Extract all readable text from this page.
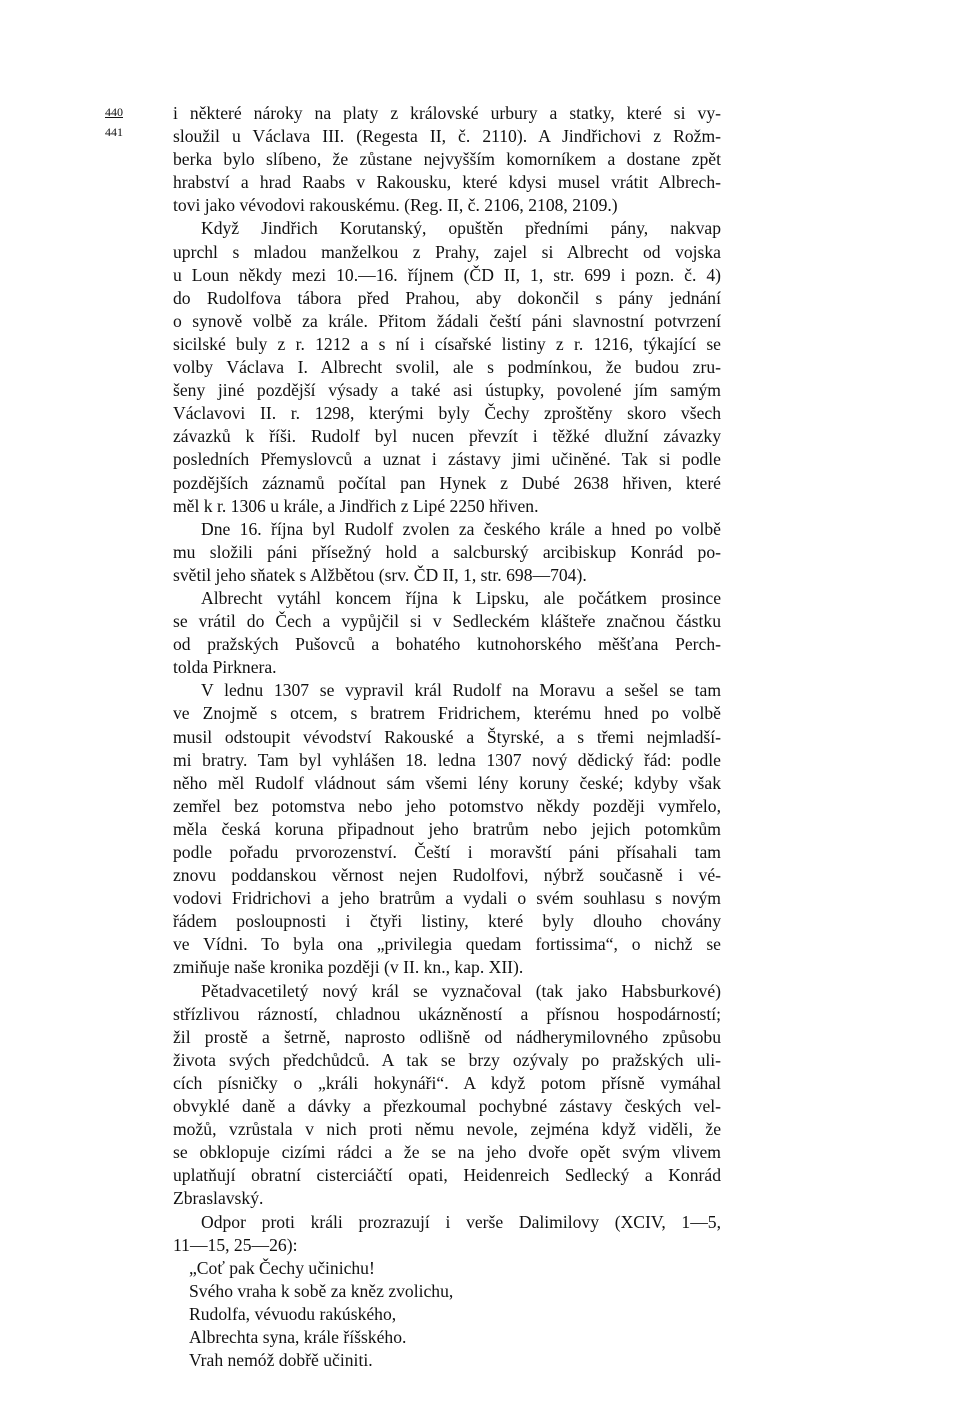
440
441
i některé nároky na platy z královské urbury a statky, které si vy-
sloužil u Václava III. (Regesta II, č. 2110). A Jindřichovi z Rožm-
berka bylo slíbeno, že zůstane nejvyšším komorníkem a dostane zpět
hrabství a hrad Raabs v Rakousku, které kdysi musel vrátit Albrech-
tovi jako vévodovi rakouskému. (Reg. II, č. 2106, 2108, 2109.)
Když Jindřich Korutanský, opuštěn předními pány, nakvap
uprchl s mladou manželkou z Prahy, zajel si Albrecht od vojska
u Loun někdy mezi 10.—16. říjnem (ČD II, 1, str. 699 i pozn. č. 4)
do Rudolfova tábora před Prahou, aby dokončil s pány jednání
o synově volbě za krále. Přitom žádali čeští páni slavnostní potvrzení
sicilské buly z r. 1212 a s ní i císařské listiny z r. 1216, týkající se
volby Václava I. Albrecht svolil, ale s podmínkou, že budou zru-
šeny jiné pozdější výsady a také asi ústupky, povolené jím samým
Václavovi II. r. 1298, kterými byly Čechy zproštěny skoro všech
závazků k říši. Rudolf byl nucen převzít i těžké dlužní závazky
posledních Přemyslovců a uznat i zástavy jimi učiněné. Tak si podle
pozdějších záznamů počítal pan Hynek z Dubé 2638 hřiven, které
měl k r. 1306 u krále, a Jindřich z Lipé 2250 hřiven.
Dne 16. října byl Rudolf zvolen za českého krále a hned po volbě
mu složili páni přísežný hold a salcburský arcibiskup Konrád po-
světil jeho sňatek s Alžbětou (srv. ČD II, 1, str. 698—704).
Albrecht vytáhl koncem října k Lipsku, ale počátkem prosince
se vrátil do Čech a vypůjčil si v Sedleckém klášteře značnou částku
od pražských Pušovců a bohatého kutnohorského měšťana Perch-
tolda Pirknera.
V lednu 1307 se vypravil král Rudolf na Moravu a sešel se tam
ve Znojmě s otcem, s bratrem Fridrichem, kterému hned po volbě
musil odstoupit vévodství Rakouské a Štyrské, a s třemi nejmladší-
mi bratry. Tam byl vyhlášen 18. ledna 1307 nový dědický řád: podle
něho měl Rudolf vládnout sám všemi lény koruny české; kdyby však
zemřel bez potomstva nebo jeho potomstvo někdy později vymřelo,
měla česká koruna připadnout jeho bratrům nebo jejich potomkům
podle pořadu prvorozenství. Čeští i moravští páni přísahali tam
znovu poddanskou věrnost nejen Rudolfovi, nýbrž současně i vé-
vodovi Fridrichovi a jeho bratrům a vydali o svém souhlasu s novým
řádem posloupnosti i čtyři listiny, které byly dlouho chovány
ve Vídni. To byla ona „privilegia quedam fortissima“, o nichž se
zmiňuje naše kronika později (v II. kn., kap. XII).
Pětadvacetiletý nový král se vyznačoval (tak jako Habsburkové)
střízlivou rázností, chladnou ukázněností a přísnou hospodárností;
žil prostě a šetrně, naprosto odlišně od nádherymilovného způsobu
života svých předchůdců. A tak se brzy ozývaly po pražských uli-
cích písničky o „králi hokynáři“. A když potom přísně vymáhal
obvyklé daně a dávky a přezkoumal pochybné zástavy českých vel-
možů, vzrůstala v nich proti němu nevole, zejména když viděli, že
se obklopuje cizími rádci a že se na jeho dvoře opět svým vlivem
uplatňují obratní cisterciáčtí opati, Heidenreich Sedlecký a Konrád
Zbraslavský.
Odpor proti králi prozrazují i verše Dalimilovy (XCIV, 1—5,
11—15, 25—26):
„Coť pak Čechy učinichu!
Svého vraha k sobě za kněz zvolichu,
Rudolfa, vévuodu rakúského,
Albrechta syna, krále říšského.
Vrah nemóž dobřě učiniti.
